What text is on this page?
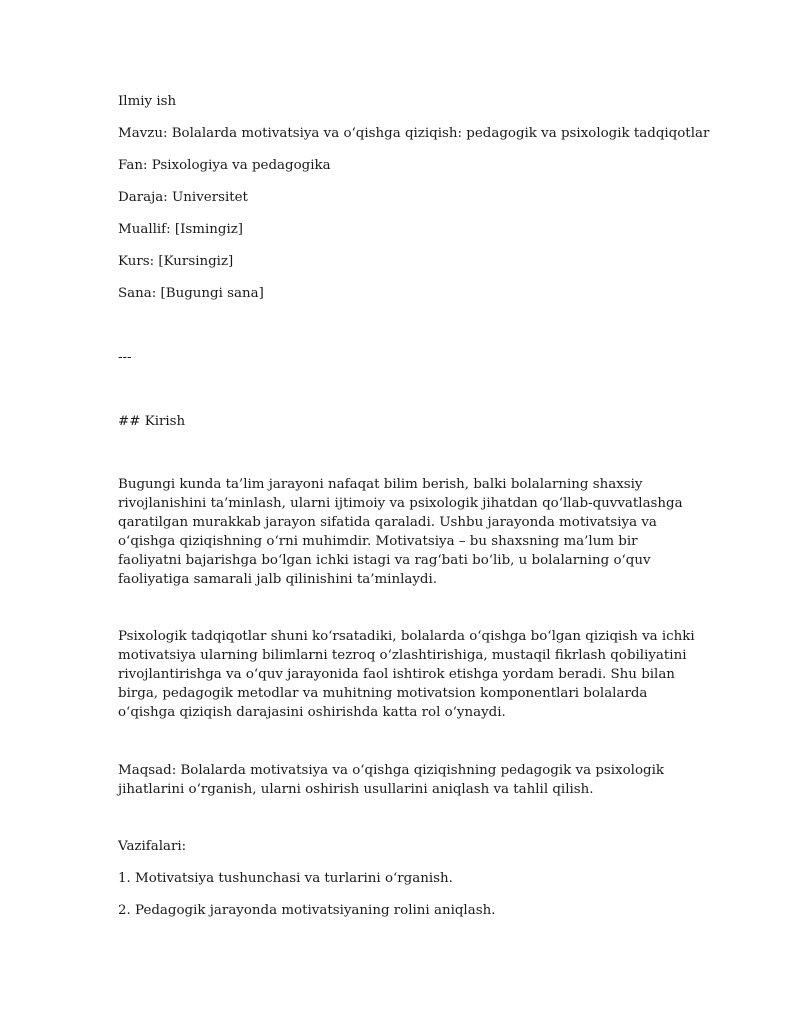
Ilmiy ish

Mavzu: Bolalarda motivatsiya va o‘qishga qiziqish: pedagogik va psixologik tadqiqotlar

Fan: Psixologiya va pedagogika

Daraja: Universitet

Muallif: [Ismingiz]

Kurs: [Kursingiz]

Sana: [Bugungi sana]

---

## Kirish

Bugungi kunda ta’lim jarayoni nafaqat bilim berish, balki bolalarning shaxsiy rivojlanishini ta’minlash, ularni ijtimoiy va psixologik jihatdan qo‘llab-quvvatlashga qaratilgan murakkab jarayon sifatida qaraladi. Ushbu jarayonda motivatsiya va o‘qishga qiziqishning o‘rni muhimdir. Motivatsiya – bu shaxsning ma’lum bir faoliyatni bajarishga bo‘lgan ichki istagi va rag‘bati bo‘lib, u bolalarning o‘quv faoliyatiga samarali jalb qilinishini ta’minlaydi.

Psixologik tadqiqotlar shuni ko‘rsatadiki, bolalarda o‘qishga bo‘lgan qiziqish va ichki motivatsiya ularning bilimlarni tezroq o‘zlashtirishiga, mustaqil fikrlash qobiliyatini rivojlantirishga va o‘quv jarayonida faol ishtirok etishga yordam beradi. Shu bilan birga, pedagogik metodlar va muhitning motivatsion komponentlari bolalarda o‘qishga qiziqish darajasini oshirishda katta rol o‘ynaydi.

Maqsad: Bolalarda motivatsiya va o‘qishga qiziqishning pedagogik va psixologik jihatlarini o‘rganish, ularni oshirish usullarini aniqlash va tahlil qilish.

Vazifalari:

1. Motivatsiya tushunchasi va turlarini o‘rganish.

2. Pedagogik jarayonda motivatsiyaning rolini aniqlash.
